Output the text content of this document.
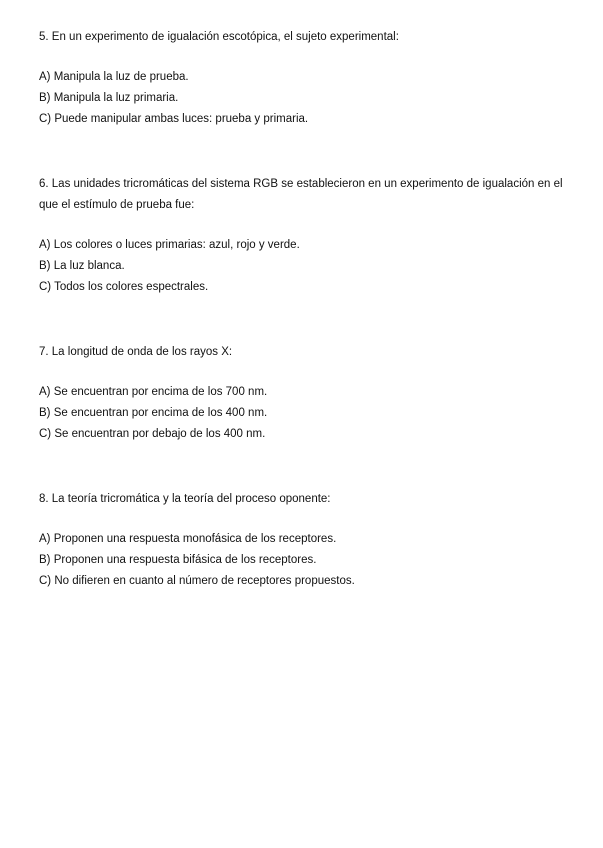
5. En un experimento de igualación escotópica, el sujeto experimental:

A) Manipula la luz de prueba.
B) Manipula la luz primaria.
C) Puede manipular ambas luces: prueba y primaria.

6. Las unidades tricromáticas del sistema RGB se establecieron en un experimento de igualación en el que el estímulo de prueba fue:

A) Los colores o luces primarias: azul, rojo y verde.
B) La luz blanca.
C) Todos los colores espectrales.

7. La longitud de onda de los rayos X:

A) Se encuentran por encima de los 700 nm.
B) Se encuentran por encima de los 400 nm.
C) Se encuentran por debajo de los 400 nm.

8. La teoría tricromática y la teoría del proceso oponente:

A) Proponen una respuesta monofásica de los receptores.
B) Proponen una respuesta bifásica de los receptores.
C) No difieren en cuanto al número de receptores propuestos.
